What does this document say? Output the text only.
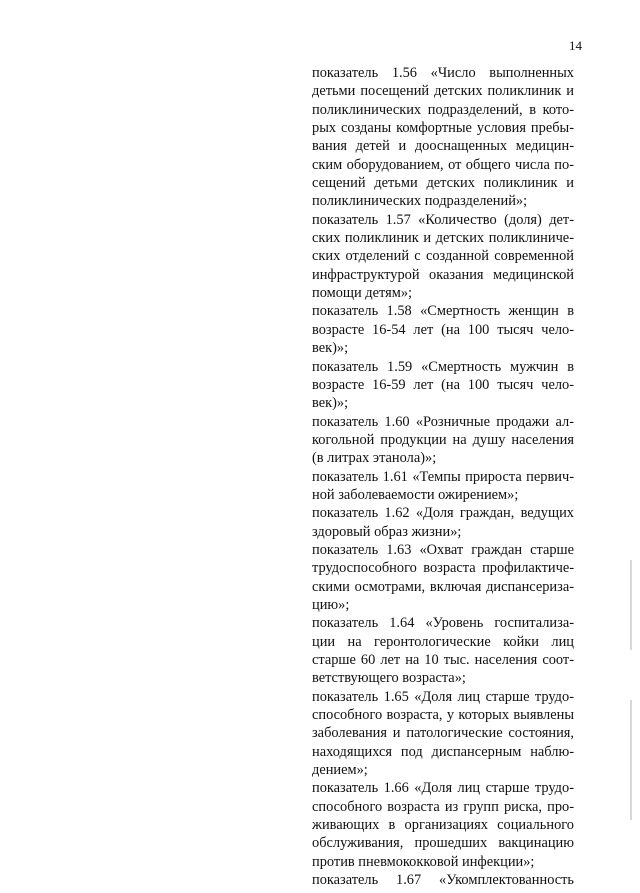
14

показатель 1.56 «Число выполненных
детьми посещений детских поликлиник и
поликлинических подразделений, в кото-
рых созданы комфортные условия пребы-
вания детей и дооснащенных медицин-
ским оборудованием, от общего числа по-
сещений детьми детских поликлиник и
поликлинических подразделений»;

показатель 1.57 «Количество (доля) дет-
ских поликлиник и детских поликлиниче-
ских отделений с созданной современной
инфраструктурой оказания медицинской
помощи детям»;

показатель 1.58 «Смертность женщин в
возрасте 16-54 лет (на 100 тысяч чело-
век)»;

показатель 1.59 «Смертность мужчин в
возрасте 16-59 лет (на 100 тысяч чело-
век)»;

показатель 1.60 «Розничные продажи ал-
когольной продукции на душу населения
(в литрах этанола)»;

показатель 1.61 «Темпы прироста первич-
ной заболеваемости ожирением»;

показатель 1.62 «Доля граждан, ведущих
здоровый образ жизни»;

показатель 1.63 «Охват граждан старше
трудоспособного возраста профилактиче-
скими осмотрами, включая диспансериза-
цию»;

показатель 1.64 «Уровень госпитализа-
ции на геронтологические койки лиц
старше 60 лет на 10 тыс. населения соот-
ветствующего возраста»;

показатель 1.65 «Доля лиц старше трудо-
способного возраста, у которых выявлены
заболевания и патологические состояния,
находящихся под диспансерным наблю-
дением»;

показатель 1.66 «Доля лиц старше трудо-
способного возраста из групп риска, про-
живающих в организациях социального
обслуживания, прошедших вакцинацию
против пневмококковой инфекции»;

показатель 1.67 «Укомплектованность
